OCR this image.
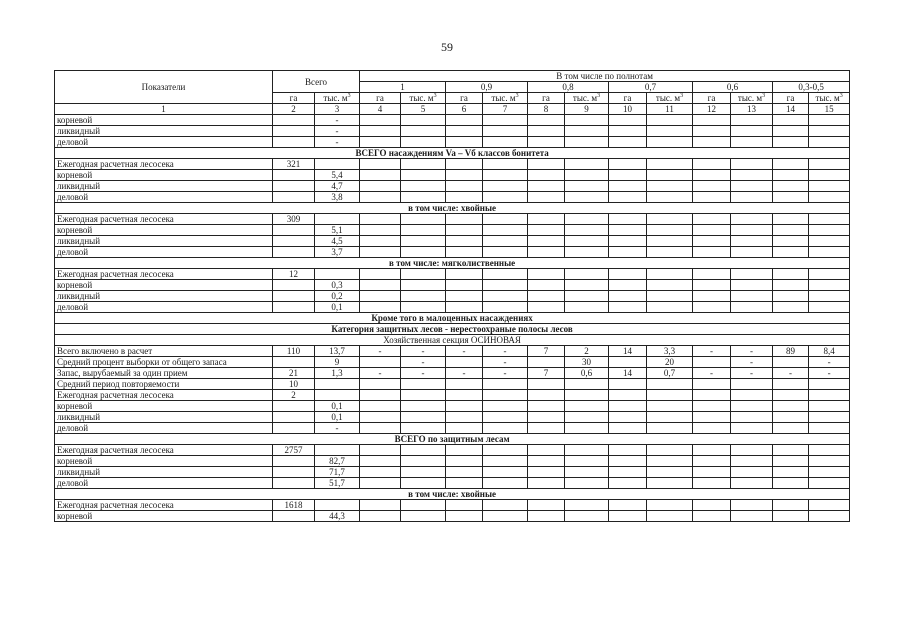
59
Показатели	Всего		В том числе по полнотам											
			1		0,9		0,8		0,7		0,6		0,3-0,5	
	га	тыс. $м^3$	га	тыс. $м^3$	га	тыс. $м^3$	га	тыс. $м^3$	га	тыс. $м^3$	га	тыс. $м^3$	га	тыс. $м^3$
1	2	3	4	5	6	7	8	9	10	11	12	13	14	15
корневой		-												
ликвидный		-												
деловой		-												
ВСЕГО насаждениям Va – Vб классов бонитета														
Ежегодная расчетная лесосека	321													
корневой		5,4												
ликвидный		4,7												
деловой		3,8												
в том числе: хвойные														
Ежегодная расчетная лесосека	309													
корневой		5,1												
ликвидный		4,5												
деловой		3,7												
в том числе: мягколиственные														
Ежегодная расчетная лесосека	12													
корневой		0,3												
ликвидный		0,2												
деловой		0,1												
Кроме того в малоценных насаждениях														
Категория защитных лесов - нерестоохраные полосы лесов														
Хозяйственная секция ОСИНОВАЯ														
Всего включено в расчет	110	13,7	-	-	-	-	7	2	14	3,3	-	-	89	8,4
Средний процент выборки от общего запаса		9		-		-		30		20		-		-
Запас, вырубаемый за один прием	21	1,3	-	-	-	-	7	0,6	14	0,7	-	-	-	-
Средний период повторяемости	10													
Ежегодная расчетная лесосека	2													
корневой		0,1												
ликвидный		0,1												
деловой		-												
ВСЕГО по защитным лесам														
Ежегодная расчетная лесосека	2757													
корневой		82,7												
ликвидный		71,7												
деловой		51,7												
в том числе: хвойные														
Ежегодная расчетная лесосека	1618													
корневой		44,3												
